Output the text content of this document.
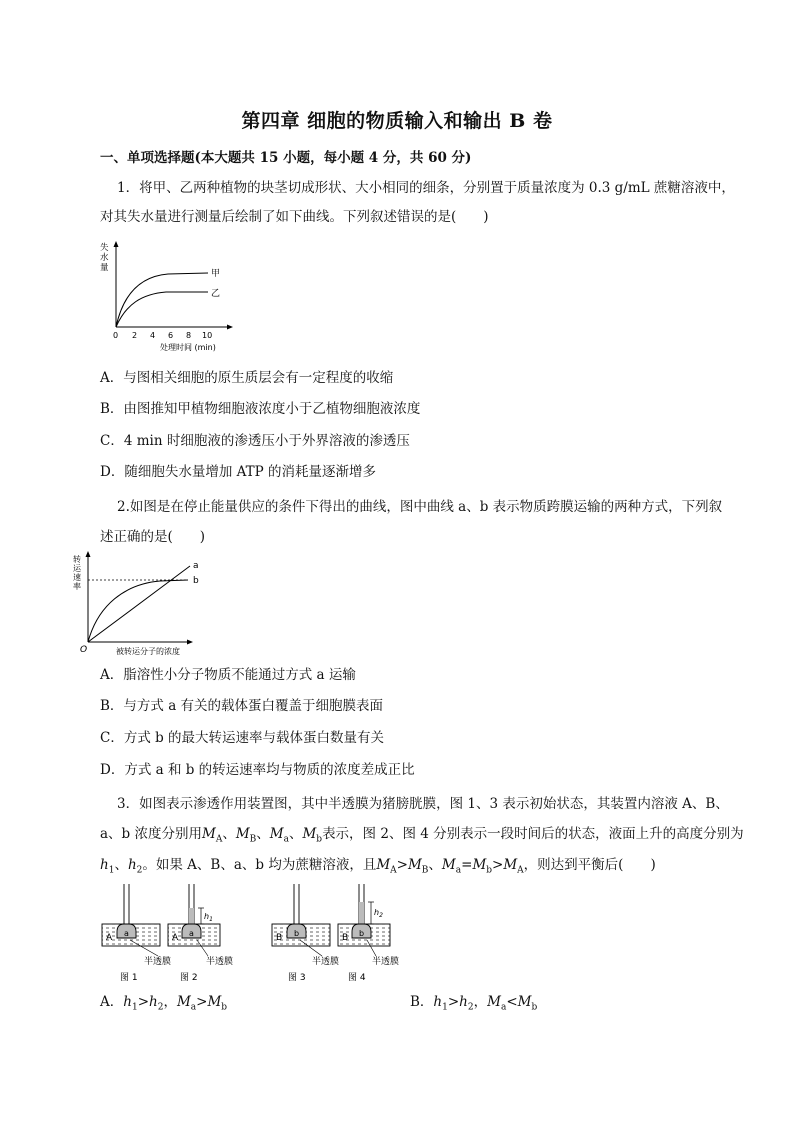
第四章 细胞的物质输入和输出 B 卷
一、单项选择题(本大题共 15 小题，每小题 4 分，共 60 分)
1．将甲、乙两种植物的块茎切成形状、大小相同的细条，分别置于质量浓度为 0.3 g/mL 蔗糖溶液中，
对其失水量进行测量后绘制了如下曲线。下列叙述错误的是(　　)
失
水
量
甲
乙
0 2 4 6 8 10
处理时间 (min)
A．与图相关细胞的原生质层会有一定程度的收缩
B．由图推知甲植物细胞液浓度小于乙植物细胞液浓度
C．4 min 时细胞液的渗透压小于外界溶液的渗透压
D．随细胞失水量增加 ATP 的消耗量逐渐增多
2.如图是在停止能量供应的条件下得出的曲线，图中曲线 a、b 表示物质跨膜运输的两种方式，下列叙
述正确的是(　　)
转
运
速
率
a
b
O	被转运分子的浓度
A．脂溶性小分子物质不能通过方式 a 运输
B．与方式 a 有关的载体蛋白覆盖于细胞膜表面
C．方式 b 的最大转运速率与载体蛋白数量有关
D．方式 a 和 b 的转运速率均与物质的浓度差成正比
3．如图表示渗透作用装置图，其中半透膜为猪膀胱膜，图 1、3 表示初始状态，其装置内溶液 A、B、
a、b 浓度分别用$M_A$、$M_B$、$M_a$、$M_b$表示，图 2、图 4 分别表示一段时间后的状态，液面上升的高度分别为
$h_1$、$h_2$。如果 A、B、a、b 均为蔗糖溶液，且$M_A>M_B$、$M_a=M_b>M_A$，则达到平衡后(　　)
A a
$h_1$
A a
半透膜	半透膜
图 1	图 2
B b
$h_2$
B b
半透膜	半透膜
图 3	图 4
A．$h_1>h_2$，$M_a>M_b$	B．$h_1>h_2$，$M_a<M_b$
